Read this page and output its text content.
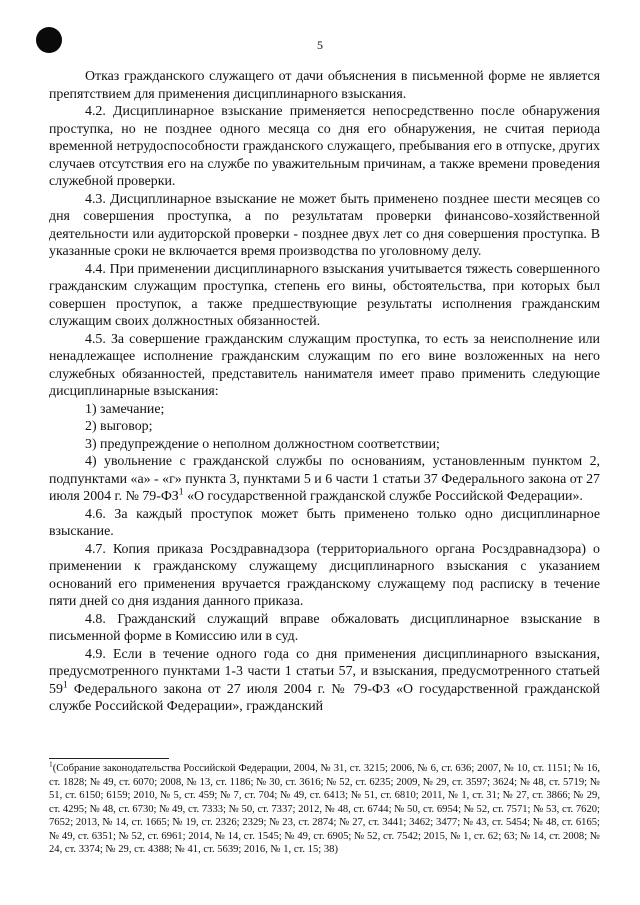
5

Отказ гражданского служащего от дачи объяснения в письменной форме не является препятствием для применения дисциплинарного взыскания.

4.2. Дисциплинарное взыскание применяется непосредственно после обнаружения проступка, но не позднее одного месяца со дня его обнаружения, не считая периода временной нетрудоспособности гражданского служащего, пребывания его в отпуске, других случаев отсутствия его на службе по уважительным причинам, а также времени проведения служебной проверки.

4.3. Дисциплинарное взыскание не может быть применено позднее шести месяцев со дня совершения проступка, а по результатам проверки финансово-хозяйственной деятельности или аудиторской проверки - позднее двух лет со дня совершения проступка. В указанные сроки не включается время производства по уголовному делу.

4.4. При применении дисциплинарного взыскания учитывается тяжесть совершенного гражданским служащим проступка, степень его вины, обстоятельства, при которых был совершен проступок, а также предшествующие результаты исполнения гражданским служащим своих должностных обязанностей.

4.5. За совершение гражданским служащим проступка, то есть за неисполнение или ненадлежащее исполнение гражданским служащим по его вине возложенных на него служебных обязанностей, представитель нанимателя имеет право применить следующие дисциплинарные взыскания:

1) замечание;

2) выговор;

3) предупреждение о неполном должностном соответствии;

4) увольнение с гражданской службы по основаниям, установленным пунктом 2, подпунктами «а» - «г» пункта 3, пунктами 5 и 6 части 1 статьи 37 Федерального закона от 27 июля 2004 г. № $79-ФЗ^1$ «О государственной гражданской службе Российской Федерации».

4.6. За каждый проступок может быть применено только одно дисциплинарное взыскание.

4.7. Копия приказа Росздравнадзора (территориального органа Росздравнадзора) о применении к гражданскому служащему дисциплинарного взыскания с указанием оснований его применения вручается гражданскому служащему под расписку в течение пяти дней со дня издания данного приказа.

4.8. Гражданский служащий вправе обжаловать дисциплинарное взыскание в письменной форме в Комиссию или в суд.

4.9. Если в течение одного года со дня применения дисциплинарного взыскания, предусмотренного пунктами 1-3 части 1 статьи 57, и взыскания, предусмотренного статьей $59^1$ Федерального закона от 27 июля 2004 г. № 79-ФЗ «О государственной гражданской службе Российской Федерации», гражданский

$^1$(Собрание законодательства Российской Федерации, 2004, № 31, ст. 3215; 2006, № 6, ст. 636; 2007, № 10, ст. 1151; № 16, ст. 1828; № 49, ст. 6070; 2008, № 13, ст. 1186; № 30, ст. 3616; № 52, ст. 6235; 2009, № 29, ст. 3597; 3624; № 48, ст. 5719; № 51, ст. 6150; 6159; 2010, № 5, ст. 459; № 7, ст. 704; № 49, ст. 6413; № 51, ст. 6810; 2011, № 1, ст. 31; № 27, ст. 3866; № 29, ст. 4295; № 48, ст. 6730; № 49, ст. 7333; № 50, ст. 7337; 2012, № 48, ст. 6744; № 50, ст. 6954; № 52, ст. 7571; № 53, ст. 7620; 7652; 2013, № 14, ст. 1665; № 19, ст. 2326; 2329; № 23, ст. 2874; № 27, ст. 3441; 3462; 3477; № 43, ст. 5454; № 48, ст. 6165; № 49, ст. 6351; № 52, ст. 6961; 2014, № 14, ст. 1545; № 49, ст. 6905; № 52, ст. 7542; 2015, № 1, ст. 62; 63; № 14, ст. 2008; № 24, ст. 3374; № 29, ст. 4388; № 41, ст. 5639; 2016, № 1, ст. 15; 38)
